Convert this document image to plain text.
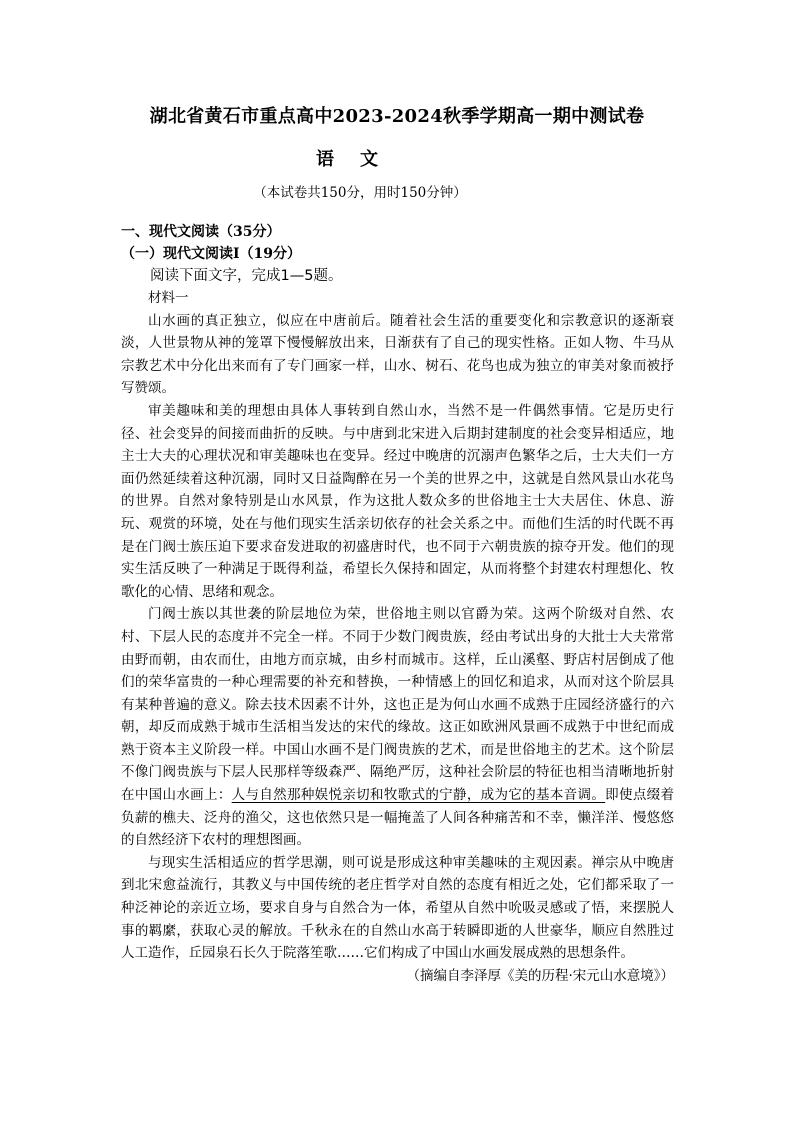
湖北省黄石市重点高中2023-2024秋季学期高一期中测试卷
语文
（本试卷共150分，用时150分钟）

一、现代文阅读（35分）

（一）现代文阅读Ⅰ（19分）

阅读下面文字，完成1—5题。

材料一

山水画的真正独立，似应在中唐前后。随着社会生活的重要变化和宗教意识的逐渐衰淡，人世景物从神的笼罩下慢慢解放出来，日渐获有了自己的现实性格。正如人物、牛马从宗教艺术中分化出来而有了专门画家一样，山水、树石、花鸟也成为独立的审美对象而被抒写赞颂。

审美趣味和美的理想由具体人事转到自然山水，当然不是一件偶然事情。它是历史行径、社会变异的间接而曲折的反映。与中唐到北宋进入后期封建制度的社会变异相适应，地主士大夫的心理状况和审美趣味也在变异。经过中晚唐的沉溺声色繁华之后，士大夫们一方面仍然延续着这种沉溺，同时又日益陶醉在另一个美的世界之中，这就是自然风景山水花鸟的世界。自然对象特别是山水风景，作为这批人数众多的世俗地主士大夫居住、休息、游玩、观赏的环境，处在与他们现实生活亲切依存的社会关系之中。而他们生活的时代既不再是在门阀士族压迫下要求奋发进取的初盛唐时代，也不同于六朝贵族的掠夺开发。他们的现实生活反映了一种满足于既得利益，希望长久保持和固定，从而将整个封建农村理想化、牧歌化的心情、思绪和观念。

门阀士族以其世袭的阶层地位为荣，世俗地主则以官爵为荣。这两个阶级对自然、农村、下层人民的态度并不完全一样。不同于少数门阀贵族，经由考试出身的大批士大夫常常由野而朝，由农而仕，由地方而京城，由乡村而城市。这样，丘山溪壑、野店村居倒成了他们的荣华富贵的一种心理需要的补充和替换，一种情感上的回忆和追求，从而对这个阶层具有某种普遍的意义。除去技术因素不计外，这也正是为何山水画不成熟于庄园经济盛行的六朝，却反而成熟于城市生活相当发达的宋代的缘故。这正如欧洲风景画不成熟于中世纪而成熟于资本主义阶段一样。中国山水画不是门阀贵族的艺术，而是世俗地主的艺术。这个阶层不像门阀贵族与下层人民那样等级森严、隔绝严厉，这种社会阶层的特征也相当清晰地折射在中国山水画上：人与自然那种娱悦亲切和牧歌式的宁静，成为它的基本音调。即使点缀着负薪的樵夫、泛舟的渔父，这也依然只是一幅掩盖了人间各种痛苦和不幸，懒洋洋、慢悠悠的自然经济下农村的理想图画。

与现实生活相适应的哲学思潮，则可说是形成这种审美趣味的主观因素。禅宗从中晚唐到北宋愈益流行，其教义与中国传统的老庄哲学对自然的态度有相近之处，它们都采取了一种泛神论的亲近立场，要求自身与自然合为一体，希望从自然中吮吸灵感或了悟，来摆脱人事的羁縻，获取心灵的解放。千秋永在的自然山水高于转瞬即逝的人世豪华，顺应自然胜过人工造作，丘园泉石长久于院落笙歌……它们构成了中国山水画发展成熟的思想条件。

（摘编自李泽厚《美的历程·宋元山水意境》）
